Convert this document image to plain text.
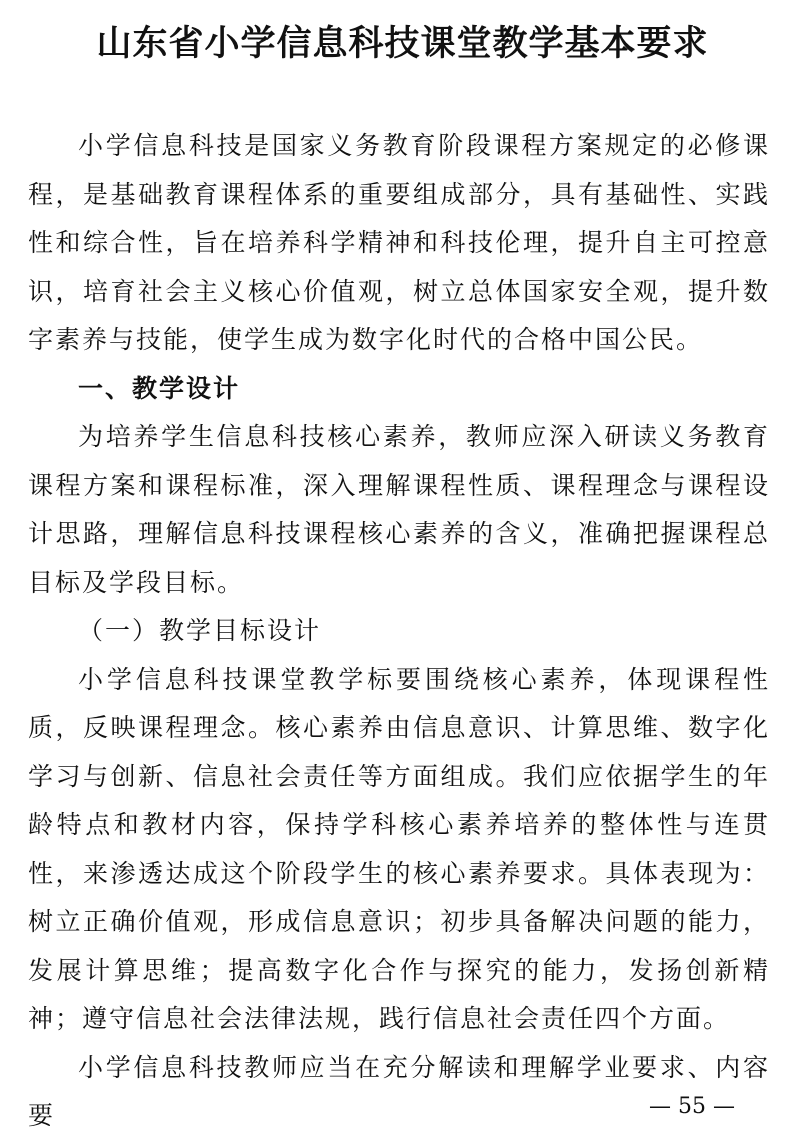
山东省小学信息科技课堂教学基本要求

小学信息科技是国家义务教育阶段课程方案规定的必修课程，是基础教育课程体系的重要组成部分，具有基础性、实践性和综合性，旨在培养科学精神和科技伦理，提升自主可控意识，培育社会主义核心价值观，树立总体国家安全观，提升数字素养与技能，使学生成为数字化时代的合格中国公民。

一、教学设计

为培养学生信息科技核心素养，教师应深入研读义务教育课程方案和课程标准，深入理解课程性质、课程理念与课程设计思路，理解信息科技课程核心素养的含义，准确把握课程总目标及学段目标。

（一）教学目标设计

小学信息科技课堂教学标要围绕核心素养，体现课程性质，反映课程理念。核心素养由信息意识、计算思维、数字化学习与创新、信息社会责任等方面组成。我们应依据学生的年龄特点和教材内容，保持学科核心素养培养的整体性与连贯性，来渗透达成这个阶段学生的核心素养要求。具体表现为：树立正确价值观，形成信息意识；初步具备解决问题的能力，发展计算思维；提高数字化合作与探究的能力，发扬创新精神；遵守信息社会法律法规，践行信息社会责任四个方面。

小学信息科技教师应当在充分解读和理解学业要求、内容要	— 55 —
